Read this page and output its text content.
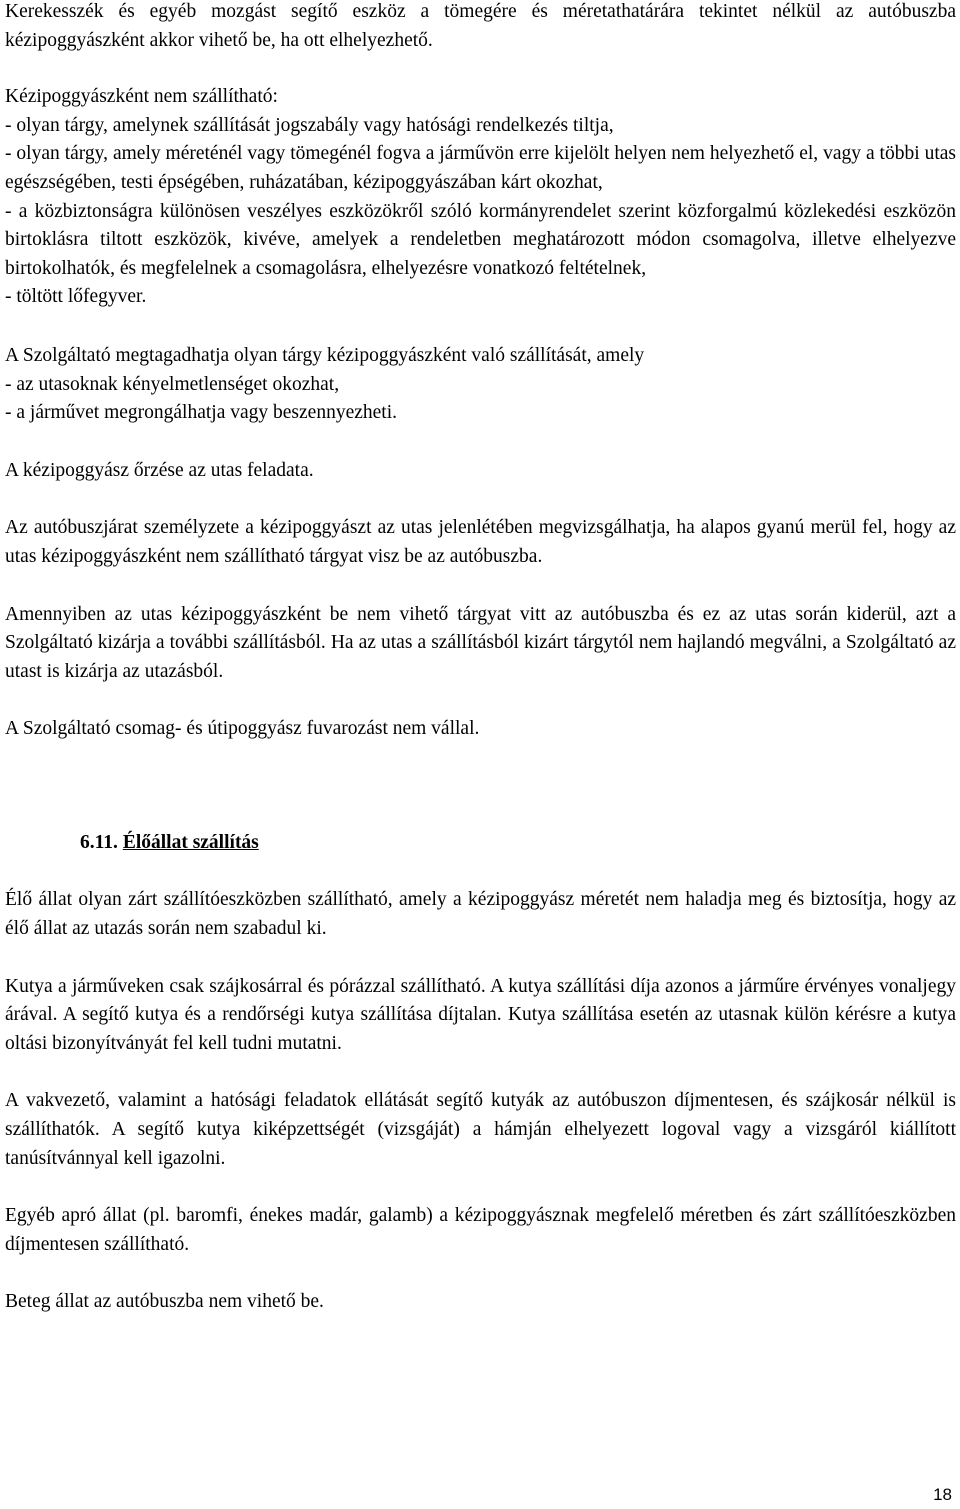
Kerekesszék és egyéb mozgást segítő eszköz a tömegére és méretathatárára tekintet nélkül az autóbuszba kézipoggyászként akkor vihető be, ha ott elhelyezhető.

Kézipoggyászként nem szállítható:
- olyan tárgy, amelynek szállítását jogszabály vagy hatósági rendelkezés tiltja,
- olyan tárgy, amely méreténél vagy tömegénél fogva a járművön erre kijelölt helyen nem helyezhető el, vagy a többi utas egészségében, testi épségében, ruházatában, kézipoggyászában kárt okozhat,
- a közbiztonságra különösen veszélyes eszközökről szóló kormányrendelet szerint közforgalmú közlekedési eszközön birtoklásra tiltott eszközök, kivéve, amelyek a rendeletben meghatározott módon csomagolva, illetve elhelyezve birtokolhatók, és megfelelnek a csomagolásra, elhelyezésre vonatkozó feltételnek,
- töltött lőfegyver.

A Szolgáltató megtagadhatja olyan tárgy kézipoggyászként való szállítását, amely
- az utasoknak kényelmetlenséget okozhat,
- a járművet megrongálhatja vagy beszennyezheti.

A kézipoggyász őrzése az utas feladata.

Az autóbuszjárat személyzete a kézipoggyászt az utas jelenlétében megvizsgálhatja, ha alapos gyanú merül fel, hogy az utas kézipoggyászként nem szállítható tárgyat visz be az autóbuszba.

Amennyiben az utas kézipoggyászként be nem vihető tárgyat vitt az autóbuszba és ez az utas során kiderül, azt a Szolgáltató kizárja a további szállításból. Ha az utas a szállításból kizárt tárgytól nem hajlandó megválni, a Szolgáltató az utast is kizárja az utazásból.

A Szolgáltató csomag- és útipoggyász fuvarozást nem vállal.

6.11. Élőállat szállítás

Élő állat olyan zárt szállítóeszközben szállítható, amely a kézipoggyász méretét nem haladja meg és biztosítja, hogy az élő állat az utazás során nem szabadul ki.

Kutya a járműveken csak szájkosárral és pórázzal szállítható. A kutya szállítási díja azonos a járműre érvényes vonaljegy árával. A segítő kutya és a rendőrségi kutya szállítása díjtalan. Kutya szállítása esetén az utasnak külön kérésre a kutya oltási bizonyítványát fel kell tudni mutatni.

A vakvezető, valamint a hatósági feladatok ellátását segítő kutyák az autóbuszon díjmentesen, és szájkosár nélkül is szállíthatók. A segítő kutya kiképzettségét (vizsgáját) a hámján elhelyezett logoval vagy a vizsgáról kiállított tanúsítvánnyal kell igazolni.

Egyéb apró állat (pl. baromfi, énekes madár, galamb) a kézipoggyásznak megfelelő méretben és zárt szállítóeszközben díjmentesen szállítható.

Beteg állat az autóbuszba nem vihető be.

18
